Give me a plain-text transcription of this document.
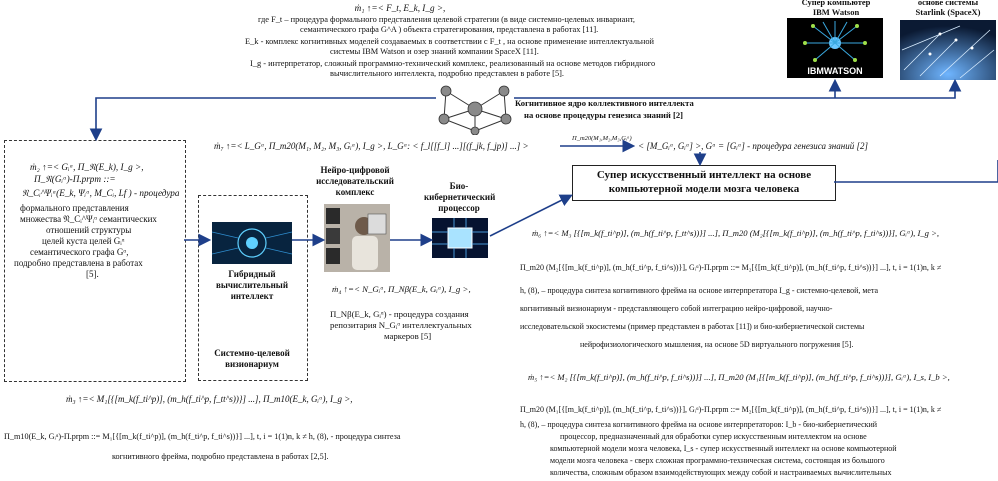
ṁ₁ ↑=< F_t, E_k, I_g >,
где F_t – процедура формального представления целевой стратегии (в виде системно-целевых инвариант,
семантического графа G^A ) объекта стратегирования, представлена в работах [11].
E_k - комплекс когнитивных моделей создаваемых в соответствии с F_t , на основе применение интеллектуальной
системы IBM Watson и озер знаний компании SpaceX [11].
I_g - интерпретатор, сложный программно-технический комплекс, реализованный на основе методов гибридного
вычислительного интеллекта, подробно представлен в работе [5].
Супер компьютер
IBM Watson
IBMWATSON
основе системы
Starlink (SpaceX)
Когнитивное ядро коллективного интеллекта
на основе процедуры генезиса знаний [2]
ṁ₇ ↑=< L_Gᵅ, Π_m20(M₁, M₂, M₃, Gᵢᵅ), I_g >, L_Gᵅ: < f_l[[f_l] ...][(f_jk, f_jp)] ...] >
Π_m20(M₁,M₂,M₃,Gᵢᵅ)
< [M_Gᵢᵅ, Gᵢᵅ] >, Gᵅ = [Gᵢᵅ] - процедура генезиса знаний [2]
ṁ₂ ↑=< Gᵢᵅ, Π_𝔑(E_k), I_g >,
Π_𝔑(Gᵢᵅ)-П.prpm ::=
𝔑_Cᵢ^Ψᵢᵅ(E_k, Ψᵢᵅ, M_Cᵢ, Lf ) - процедура
формального представления
множества 𝔑_Cᵢ^Ψᵢᵅ семантических
отношений структуры
целей куста целей Gᵢᵅ
семантического графа Gᵅ,
подробно представлена в работах
[5].	Гибридный
вычислительный
интеллект
Системно-целевой
визионариум
Нейро-цифровой
исследовательский
комплекс
Био-
кибернетический
процессор
ṁ₄ ↑=< N_Gᵢᵅ, Π_Nβ(E_k, Gᵢᵅ), I_g >,
Π_Nβ(E_k, Gᵢᵅ) - процедура создания
репозитария N_Gᵢᵅ интеллектуальных
маркеров [5]
Супер искусственный интеллект на основе
компьютерной модели мозга человека
ṁ₆ ↑=< M₃ [{[m_k(f_ti^p)], (m_h(f_ti^p, f_tt^s))}] ...], Π_m20 (M₂[{[m_k(f_ti^p)], (m_h(f_ti^p, f_ti^s))}], Gᵢᵅ), I_g >,
Π_m20 (M₂[{[m_k(f_ti^p)], (m_h(f_ti^p, f_ti^s))}], Gᵢᵅ)-П.prpm ::= M₂[{[m_k(f_ti^p)], (m_h(f_ti^p, f_ti^s))}] ...], t, i = 1(1)n, k ≠
h, (8), – процедура синтеза когнитивного фрейма на основе интерпретатора I_g - системно-целевой, мета
когнитивный визионариум - представляющего собой интеграцию нейро-цифровой, научно-
исследовательской экосистемы (пример представлен в работах [11]) и био-кибернетической системы
нейрофизиологического мышления, на основе 5D виртуального погружения [5].
ṁ₅ ↑=< M₂ [{[m_k(f_ti^p)], (m_h(f_ti^p, f_ti^s))}] ...], Π_m20 (M₁[{[m_k(f_ti^p)], (m_h(f_ti^p, f_ti^s))}], Gᵢᵅ), I_s, I_b >,
Π_m20 (M₁[{[m_k(f_ti^p)], (m_h(f_ti^p, f_ti^s))}], Gᵢᵅ)-П.prpm ::= M₂[{[m_k(f_ti^p)], (m_h(f_ti^p, f_ti^s))}] ...], t, i = 1(1)n, k ≠
h, (8), – процедура синтеза когнитивного фрейма на основе интерпретаторов: I_b - био-кибернетический
процессор, предназначенный для обработки супер искусственным интеллектом на основе
компьютерной модели мозга человека, I_s - супер искусственный интеллект на основе компьютерной
модели мозга человека - сверх сложная программно-техническая система, состоящая из большого
количества, сложным образом взаимодействующих между собой и настраиваемых вычислительных
ṁ₃ ↑=< M₁[{[m_k(f_ti^p)], (m_h(f_ti^p, f_tt^s))}] ...], Π_m10(E_k, Gᵢᵅ), I_g >,
Π_m10(E_k, Gᵢᵅ)-П.prpm ::= M₁[{[m_k(f_ti^p)], (m_h(f_ti^p, f_ti^s))}] ...], t, i = 1(1)n, k ≠ h, (8), - процедура синтеза
когнитивного фрейма, подробно представлена в работах [2,5].
